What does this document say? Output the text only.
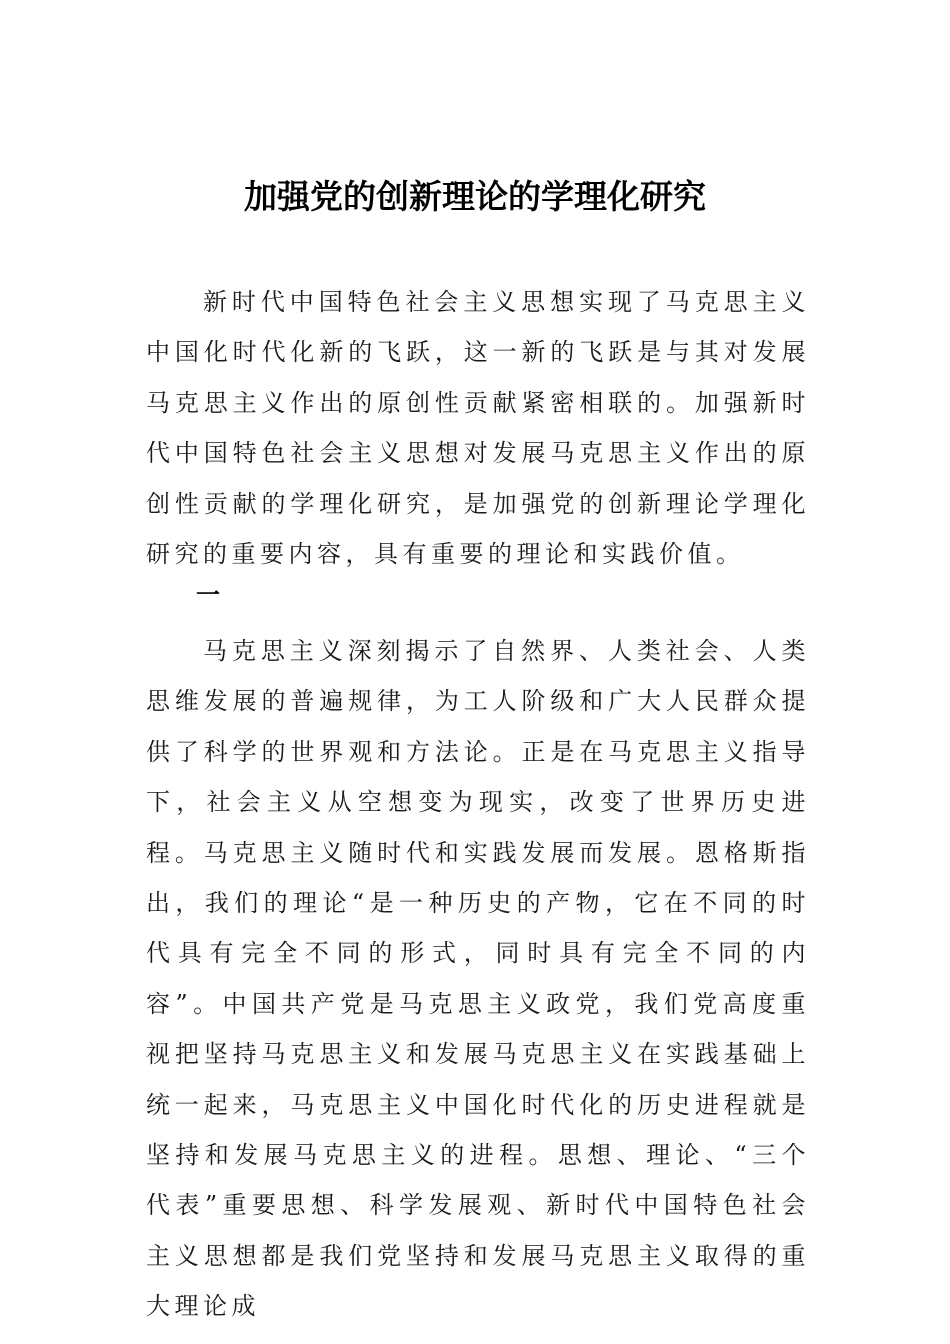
加强党的创新理论的学理化研究

新时代中国特色社会主义思想实现了马克思主义中国化时代化新的飞跃，这一新的飞跃是与其对发展马克思主义作出的原创性贡献紧密相联的。加强新时代中国特色社会主义思想对发展马克思主义作出的原创性贡献的学理化研究，是加强党的创新理论学理化研究的重要内容，具有重要的理论和实践价值。

一

马克思主义深刻揭示了自然界、人类社会、人类思维发展的普遍规律，为工人阶级和广大人民群众提供了科学的世界观和方法论。正是在马克思主义指导下，社会主义从空想变为现实，改变了世界历史进程。马克思主义随时代和实践发展而发展。恩格斯指出，我们的理论“是一种历史的产物，它在不同的时代具有完全不同的形式，同时具有完全不同的内容”。中国共产党是马克思主义政党，我们党高度重视把坚持马克思主义和发展马克思主义在实践基础上统一起来，马克思主义中国化时代化的历史进程就是坚持和发展马克思主义的进程。思想、理论、“三个代表”重要思想、科学发展观、新时代中国特色社会主义思想都是我们党坚持和发展马克思主义取得的重大理论成
